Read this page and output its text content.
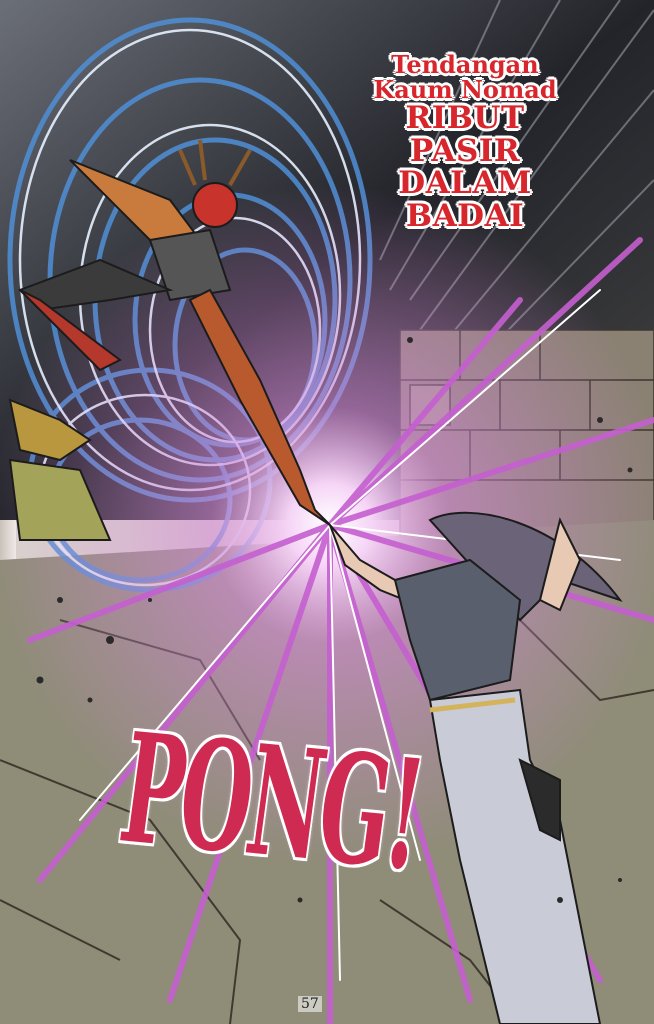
Tendangan
Kaum Nomad
RIBUT
PASIR
DALAM
BADAI
57
